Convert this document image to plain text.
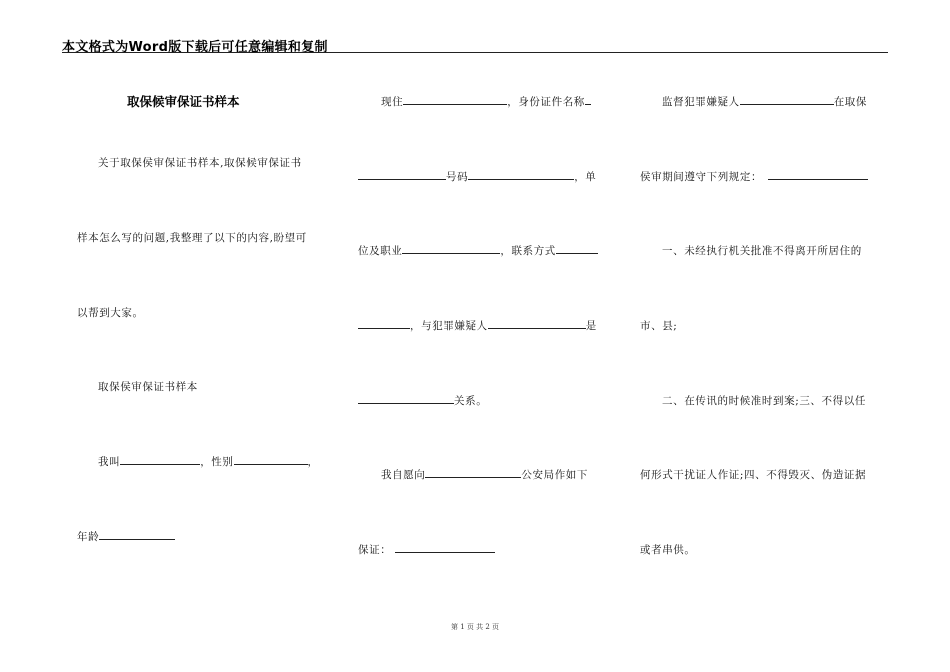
本文格式为Word版下载后可任意编辑和复制
取保候审保证书样本
关于取保侯审保证书样本,取保候审保证书
样本怎么写的问题,我整理了以下的内容,盼望可
以帮到大家。
取保侯审保证书样本
我叫	，性别	，
年龄
现住	，身份证件名称
号码	，单
位及职业	，联系方式
，与犯罪嫌疑人	是
关系。
我自愿向	公安局作如下
保证：
监督犯罪嫌疑人	在取保
侯审期间遵守下列规定：
一、未经执行机关批准不得离开所居住的
市、县;
二、在传讯的时候准时到案;三、不得以任
何形式干扰证人作证;四、不得毁灭、伪造证据
或者串供。
第 1 页 共 2 页
